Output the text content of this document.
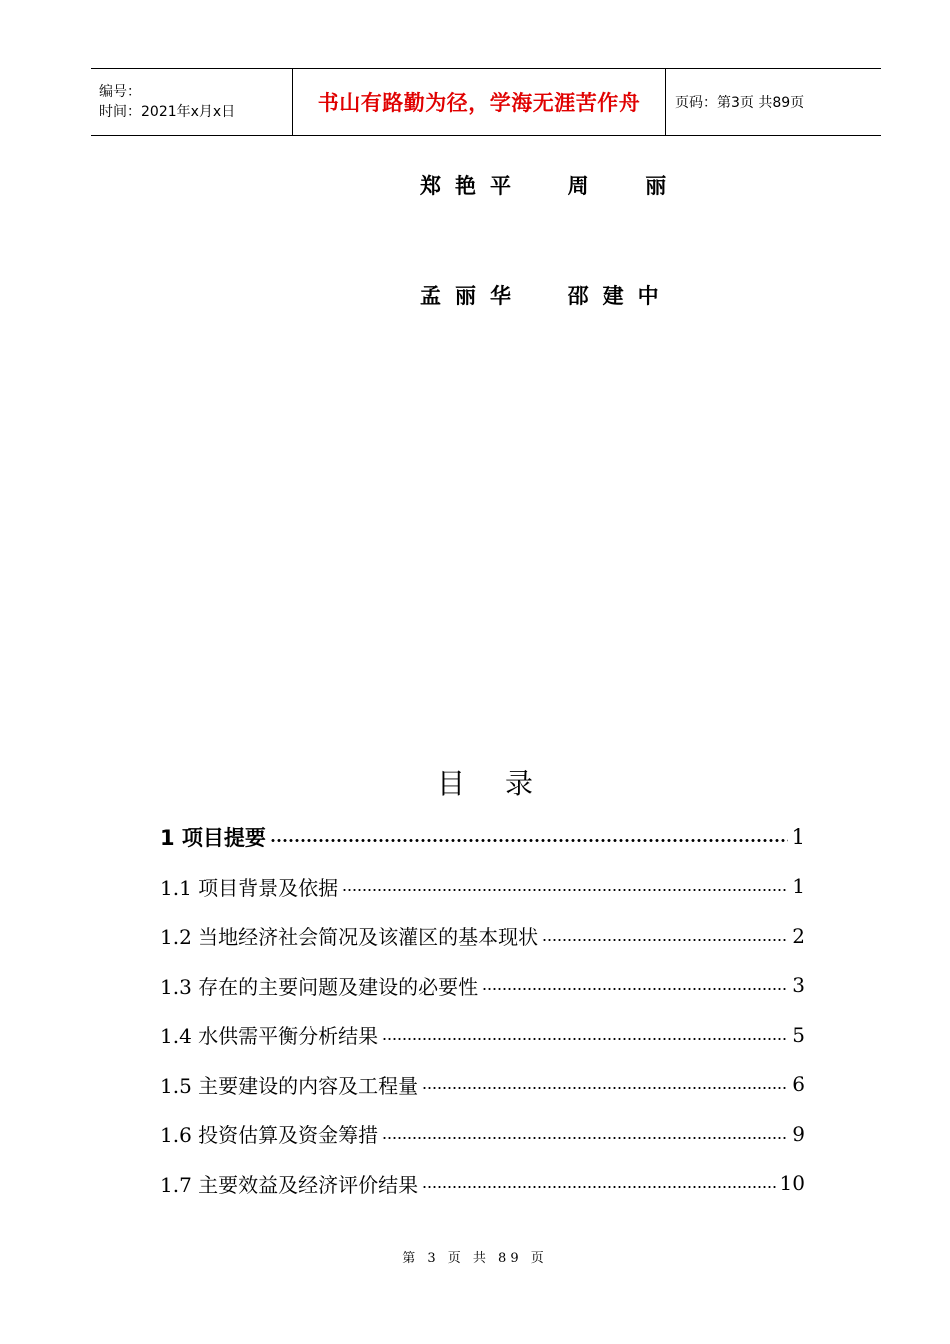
编号：
时间：2021年x月x日	书山有路勤为径，学海无涯苦作舟 页码：第3页 共89页
郑艳平  周  丽
孟丽华  邵建中
目录
1 项目提要	1
1.1 项目背景及依据	1
1.2 当地经济社会简况及该灌区的基本现状	2
1.3 存在的主要问题及建设的必要性	3
1.4 水供需平衡分析结果	5
1.5 主要建设的内容及工程量	6
1.6 投资估算及资金筹措	9
1.7 主要效益及经济评价结果	10
第 3 页 共 89 页
